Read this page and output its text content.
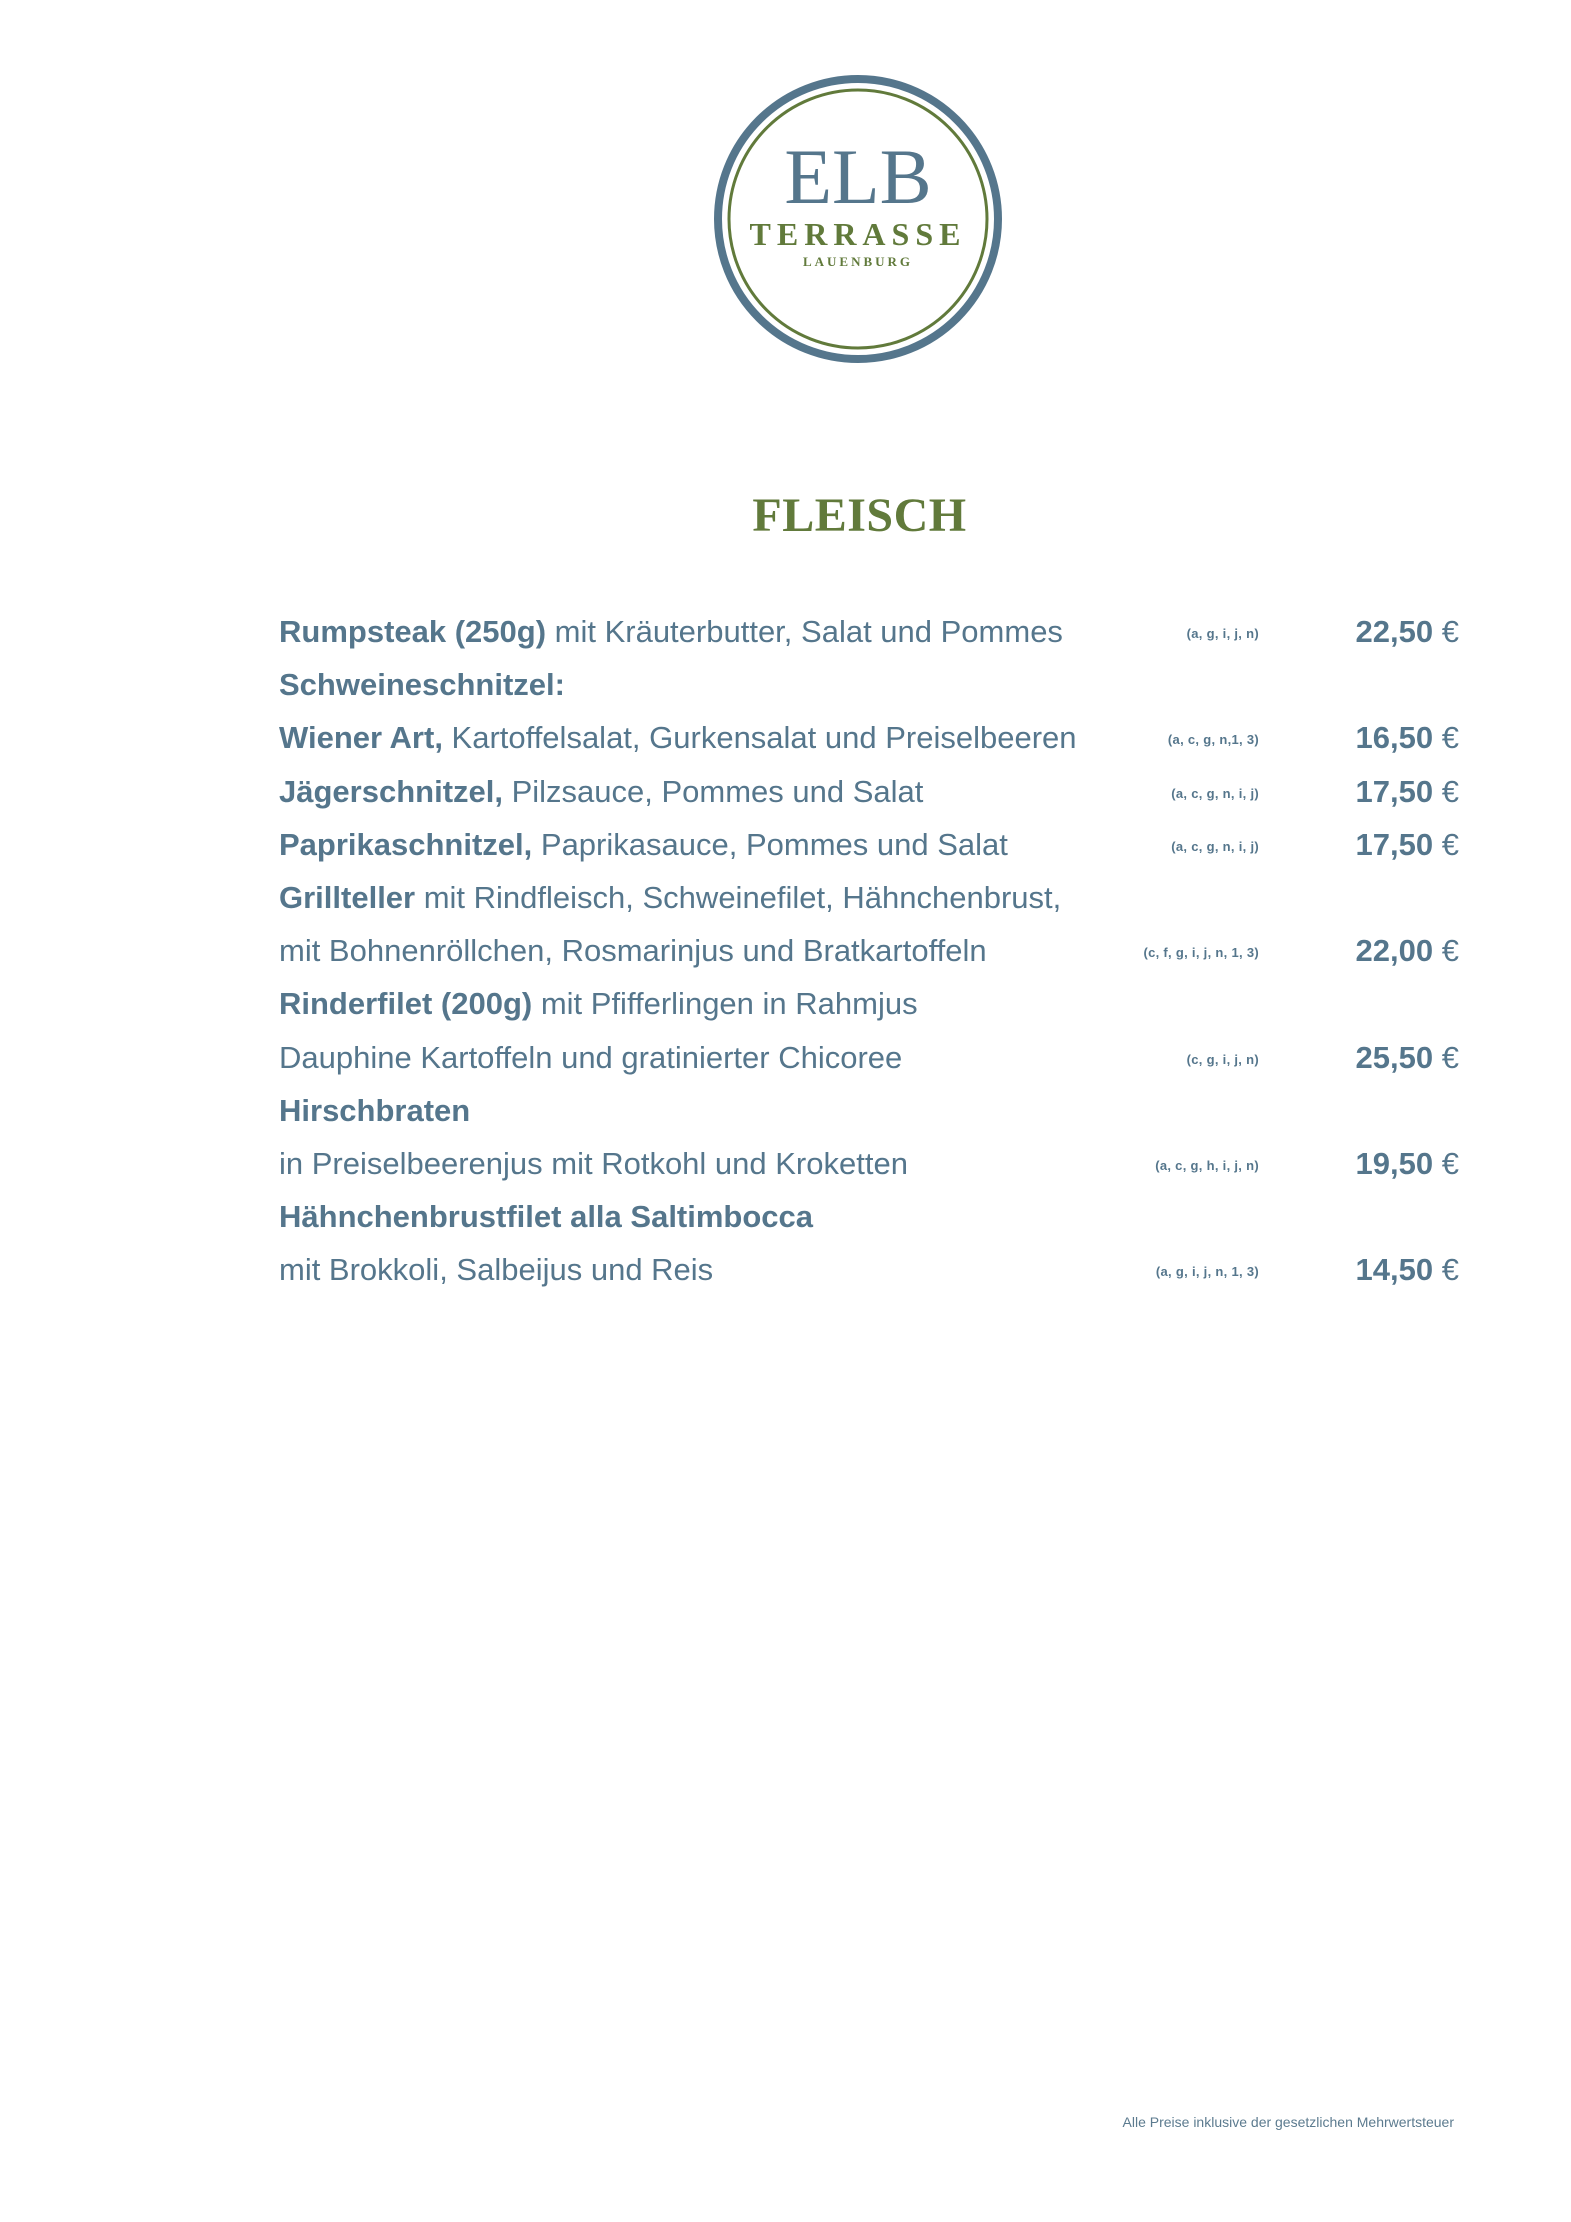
ELB
TERRASSE
LAUENBURG
FLEISCH
Rumpsteak (250g) mit Kräuterbutter, Salat und Pommes	(a, g, i, j, n)	22,50 €
Schweineschnitzel:
Wiener Art, Kartoffelsalat, Gurkensalat und Preiselbeeren	(a, c, g, n,1, 3)	16,50 €
Jägerschnitzel, Pilzsauce, Pommes und Salat	(a, c, g, n, i, j)	17,50 €
Paprikaschnitzel, Paprikasauce, Pommes und Salat	(a, c, g, n, i, j)	17,50 €
Grillteller mit Rindfleisch, Schweinefilet, Hähnchenbrust,
mit Bohnenröllchen, Rosmarinjus und Bratkartoffeln	(c, f, g, i, j, n, 1, 3)	22,00 €
Rinderfilet (200g) mit Pfifferlingen in Rahmjus
Dauphine Kartoffeln und gratinierter Chicoree	(c, g, i, j, n)	25,50 €
Hirschbraten
in Preiselbeerenjus mit Rotkohl und Kroketten	(a, c, g, h, i, j, n)	19,50 €
Hähnchenbrustfilet alla Saltimbocca
mit Brokkoli, Salbeijus und Reis	(a, g, i, j, n, 1, 3)	14,50 €
Alle Preise inklusive der gesetzlichen Mehrwertsteuer
